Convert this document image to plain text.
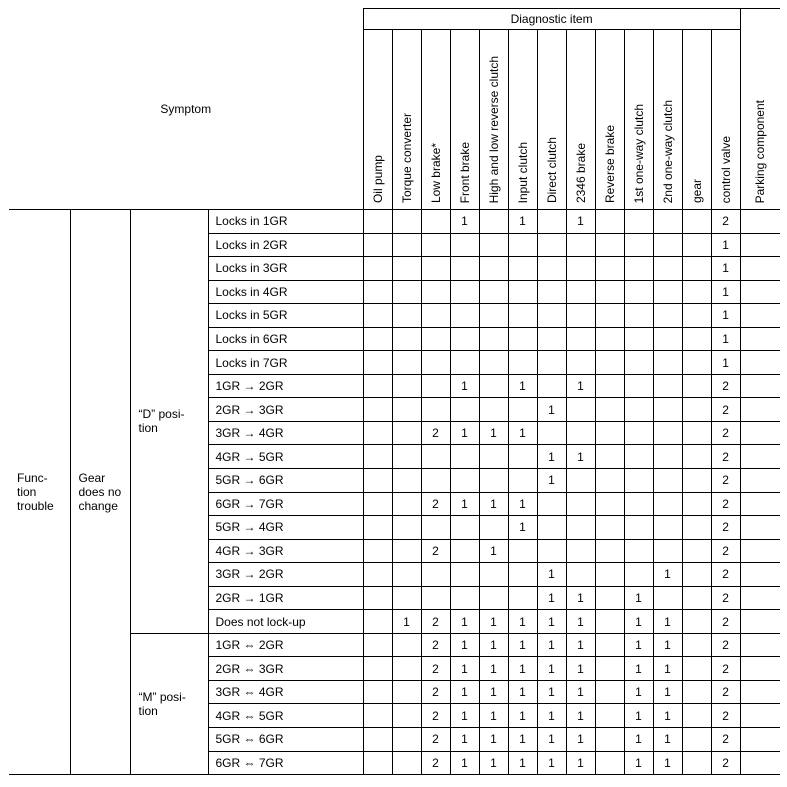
Symptom				Diagnostic item													Parking component

				Oil pump	Torque converter	Low brake*	Front brake	High and low reverse clutch	Input clutch	Direct clutch	2346 brake	Reverse brake	1st one-way clutch	2nd one-way clutch	gear	control valve	

Func-
tion
trouble	Gear
does no
change	“D” posi-
tion	Locks in 1GR				1		1		1					2	
			Locks in 2GR													1	
			Locks in 3GR													1	
			Locks in 4GR													1	
			Locks in 5GR													1	
			Locks in 6GR													1	
			Locks in 7GR													1	
			1GR → 2GR				1		1		1					2	
			2GR → 3GR							1						2	
			3GR → 4GR			2	1	1	1							2	
			4GR → 5GR							1	1					2	
			5GR → 6GR							1						2	
			6GR → 7GR			2	1	1	1							2	
			5GR → 4GR						1							2	
			4GR → 3GR			2		1								2	
			3GR → 2GR							1				1		2	
			2GR → 1GR							1	1		1			2	
			Does not lock-up		1	2	1	1	1	1	1		1	1		2	
		“M” posi-
tion	1GR ⇔ 2GR			2	1	1	1	1	1		1	1		2	
			2GR ⇔ 3GR			2	1	1	1	1	1		1	1		2	
			3GR ⇔ 4GR			2	1	1	1	1	1		1	1		2	
			4GR ⇔ 5GR			2	1	1	1	1	1		1	1		2	
			5GR ⇔ 6GR			2	1	1	1	1	1		1	1		2	
			6GR ⇔ 7GR			2	1	1	1	1	1		1	1		2	
